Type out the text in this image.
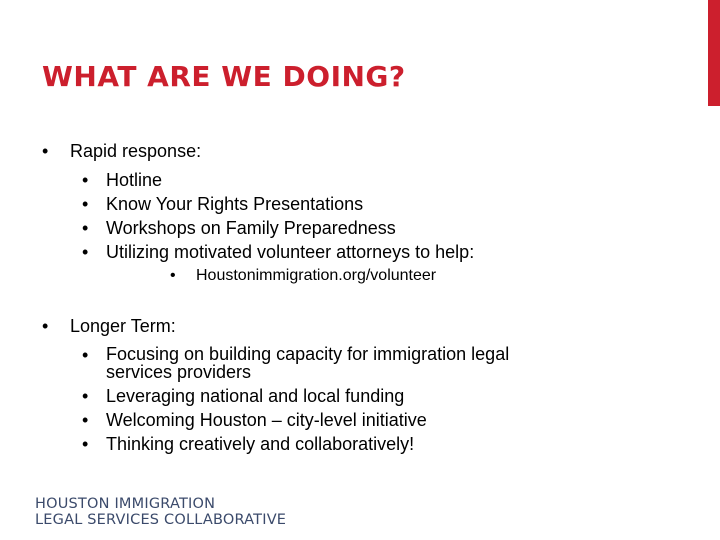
WHAT ARE WE DOING?
• Rapid response:
• Hotline
• Know Your Rights Presentations
• Workshops on Family Preparedness
• Utilizing motivated volunteer attorneys to help:
• Houstonimmigration.org/volunteer
• Longer Term:
• Focusing on building capacity for immigration legal services providers
• Leveraging national and local funding
• Welcoming Houston – city-level initiative
• Thinking creatively and collaboratively!
HOUSTON IMMIGRATION
LEGAL SERVICES COLLABORATIVE
